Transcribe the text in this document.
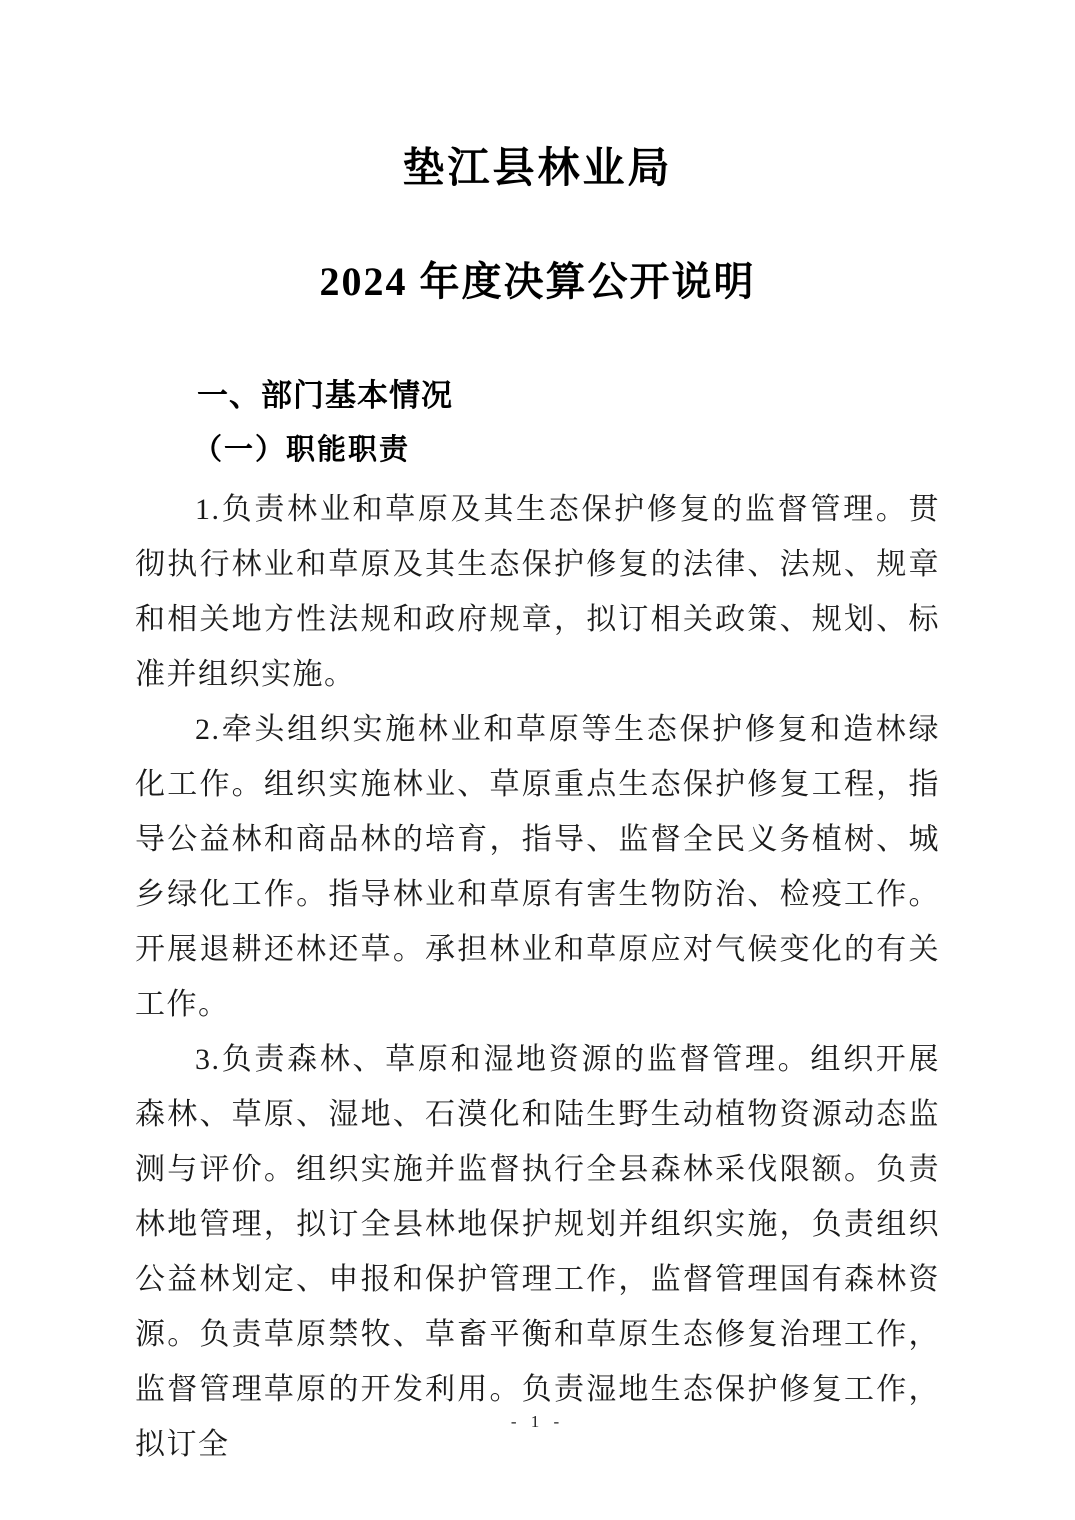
垫江县林业局
2024 年度决算公开说明
一、部门基本情况
（一）职能职责

1.负责林业和草原及其生态保护修复的监督管理。贯彻执行林业和草原及其生态保护修复的法律、法规、规章和相关地方性法规和政府规章，拟订相关政策、规划、标准并组织实施。

2.牵头组织实施林业和草原等生态保护修复和造林绿化工作。组织实施林业、草原重点生态保护修复工程，指导公益林和商品林的培育，指导、监督全民义务植树、城乡绿化工作。指导林业和草原有害生物防治、检疫工作。开展退耕还林还草。承担林业和草原应对气候变化的有关工作。

3.负责森林、草原和湿地资源的监督管理。组织开展森林、草原、湿地、石漠化和陆生野生动植物资源动态监测与评价。组织实施并监督执行全县森林采伐限额。负责林地管理，拟订全县林地保护规划并组织实施，负责组织公益林划定、申报和保护管理工作，监督管理国有森林资源。负责草原禁牧、草畜平衡和草原生态修复治理工作，监督管理草原的开发利用。负责湿地生态保护修复工作，拟订全

- 1 -
